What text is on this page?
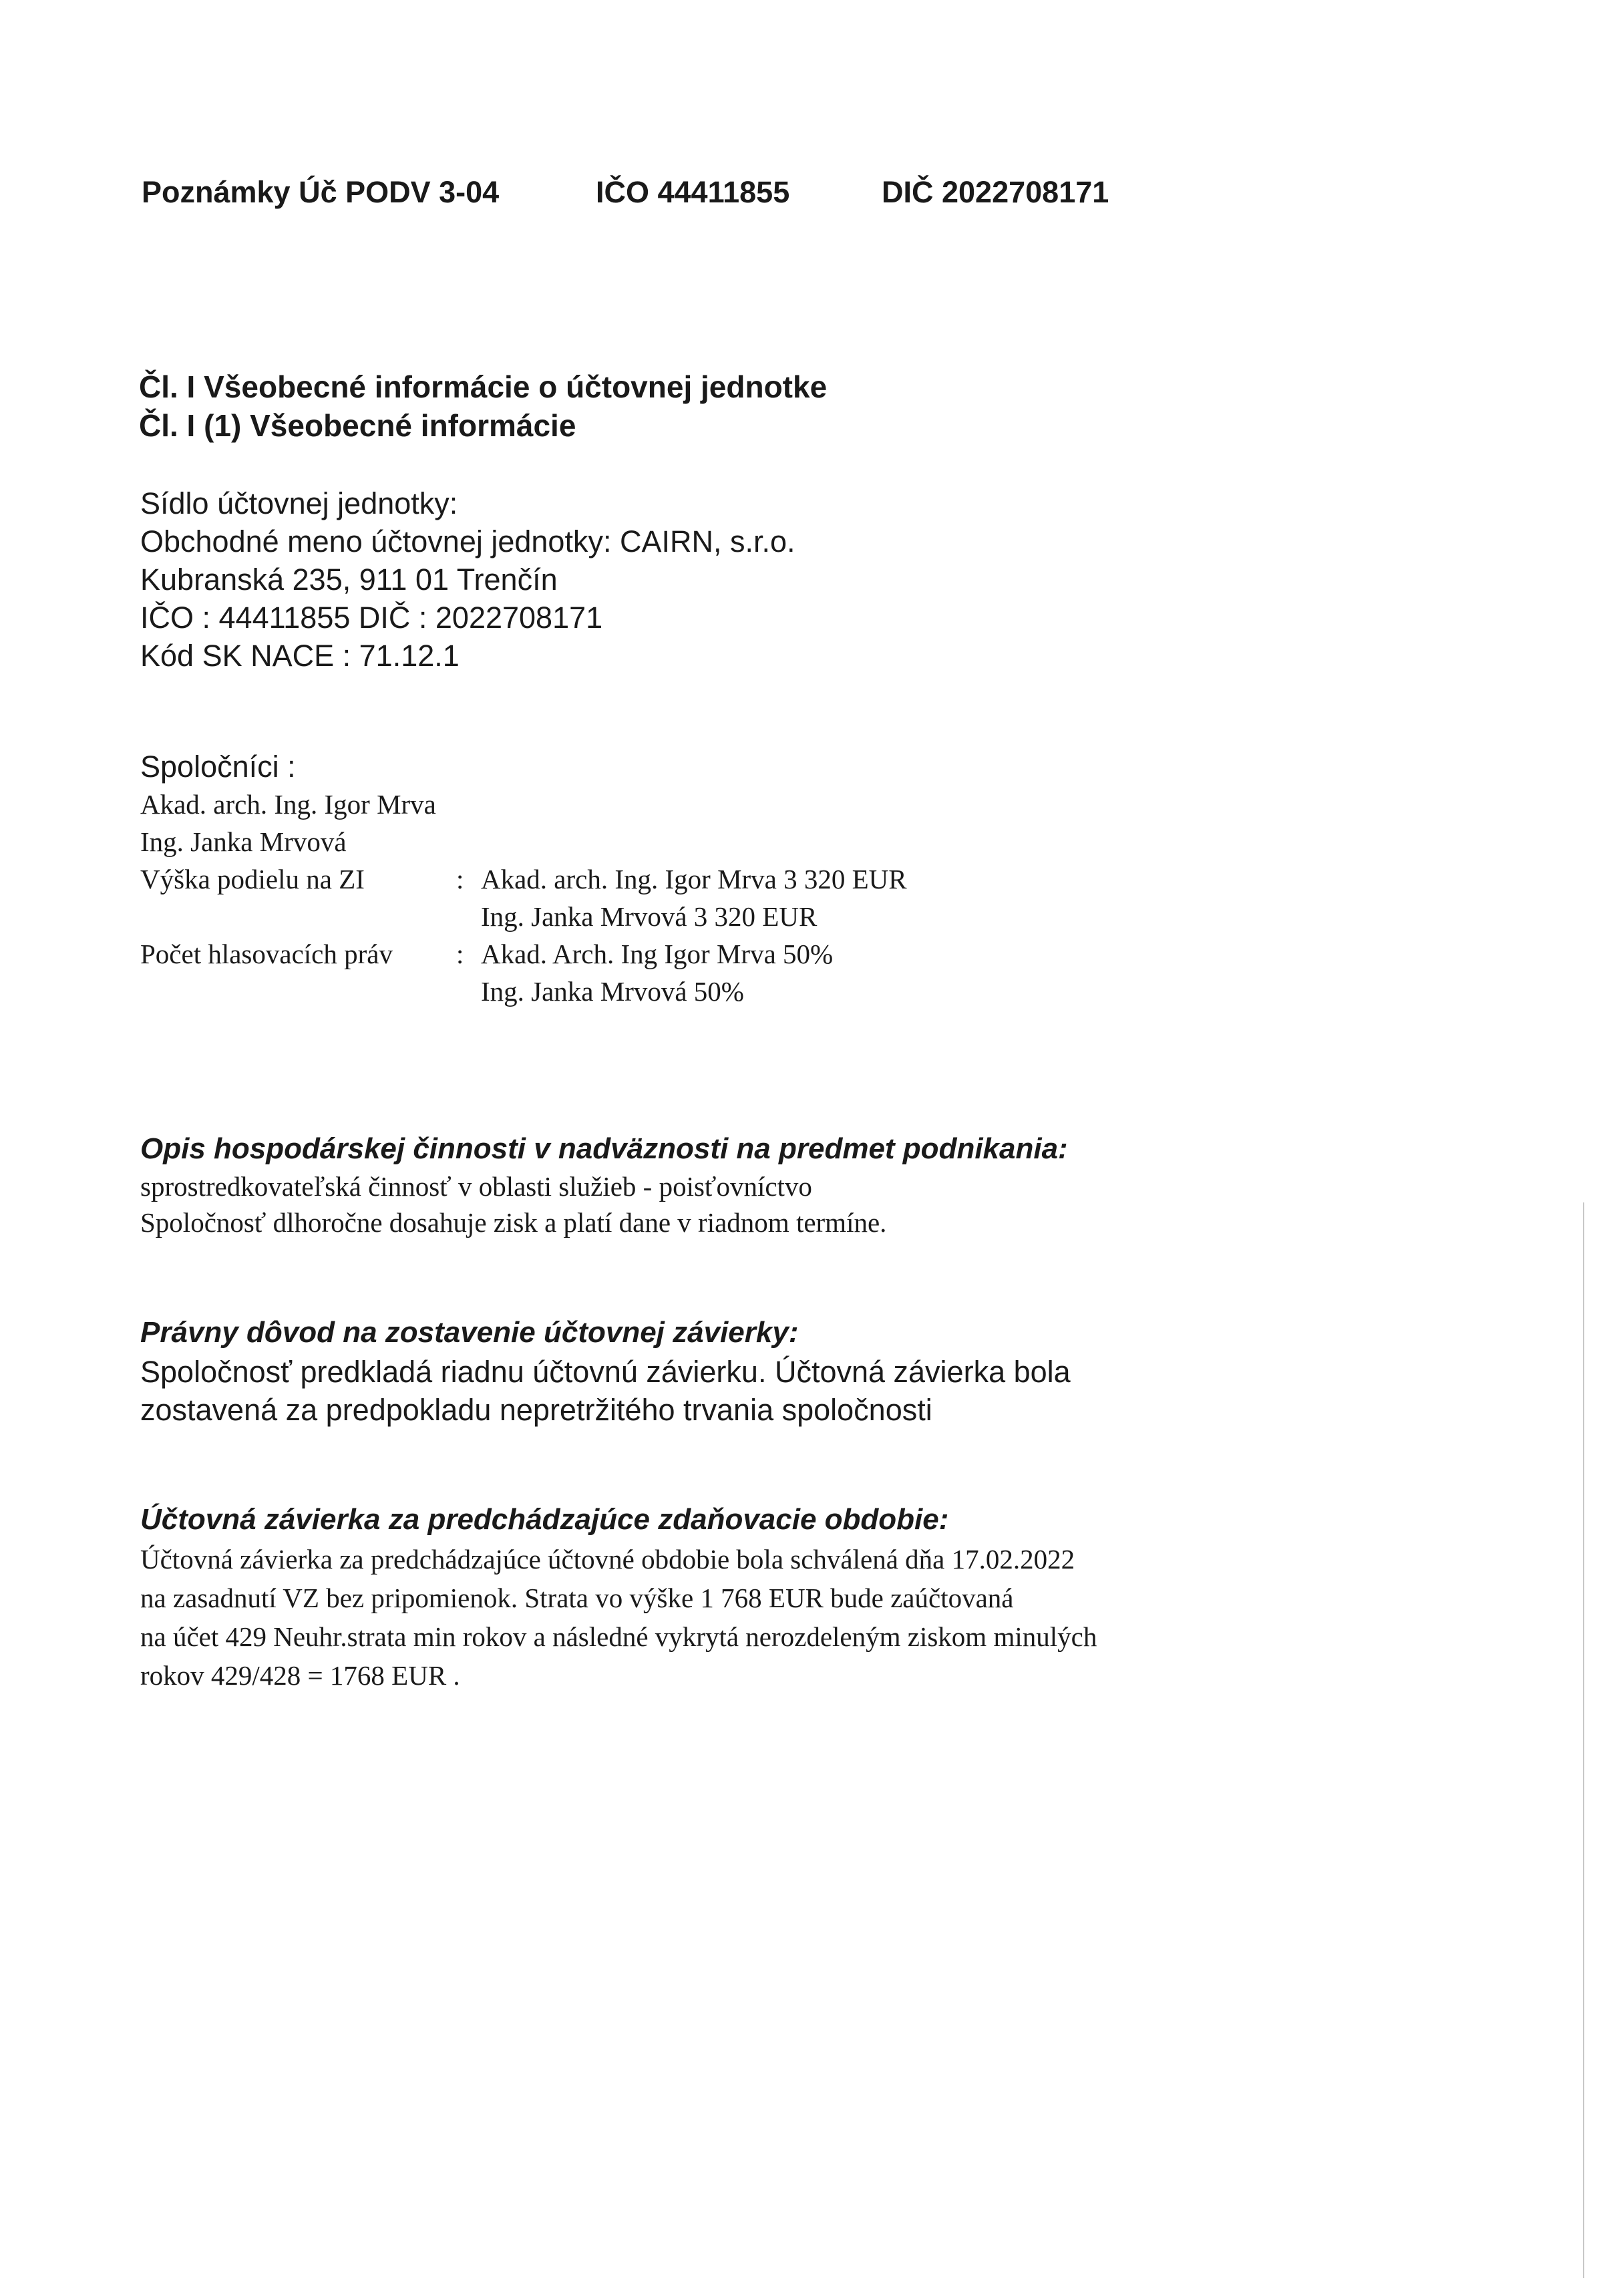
Poznámky Úč PODV 3-04	IČO 44411855	DIČ 2022708171
Čl. I Všeobecné informácie o účtovnej jednotke
Čl. I (1) Všeobecné informácie
Sídlo účtovnej jednotky:
Obchodné meno účtovnej jednotky: CAIRN, s.r.o.
Kubranská 235, 911 01 Trenčín
IČO : 44411855 DIČ : 2022708171
Kód SK NACE : 71.12.1
Spoločníci :
Akad. arch. Ing. Igor Mrva
Ing. Janka Mrvová
Výška podielu na ZI	: Akad. arch. Ing. Igor Mrva 3 320 EUR
Ing. Janka Mrvová 3 320 EUR
Počet hlasovacích práv : Akad. Arch. Ing Igor Mrva 50%
Ing. Janka Mrvová 50%
Opis hospodárskej činnosti v nadväznosti na predmet podnikania:
sprostredkovateľská činnosť v oblasti služieb - poisťovníctvo
Spoločnosť dlhoročne dosahuje zisk a platí dane v riadnom termíne.
Právny dôvod na zostavenie účtovnej závierky:
Spoločnosť predkladá riadnu účtovnú závierku. Účtovná závierka bola
zostavená za predpokladu nepretržitého trvania spoločnosti
Účtovná závierka za predchádzajúce zdaňovacie obdobie:
Účtovná závierka za predchádzajúce účtovné obdobie bola schválená dňa 17.02.2022
na zasadnutí VZ bez pripomienok. Strata vo výške 1 768 EUR bude zaúčtovaná
na účet 429 Neuhr.strata min rokov a následné vykrytá nerozdeleným ziskom minulých
rokov 429/428 = 1768 EUR .
